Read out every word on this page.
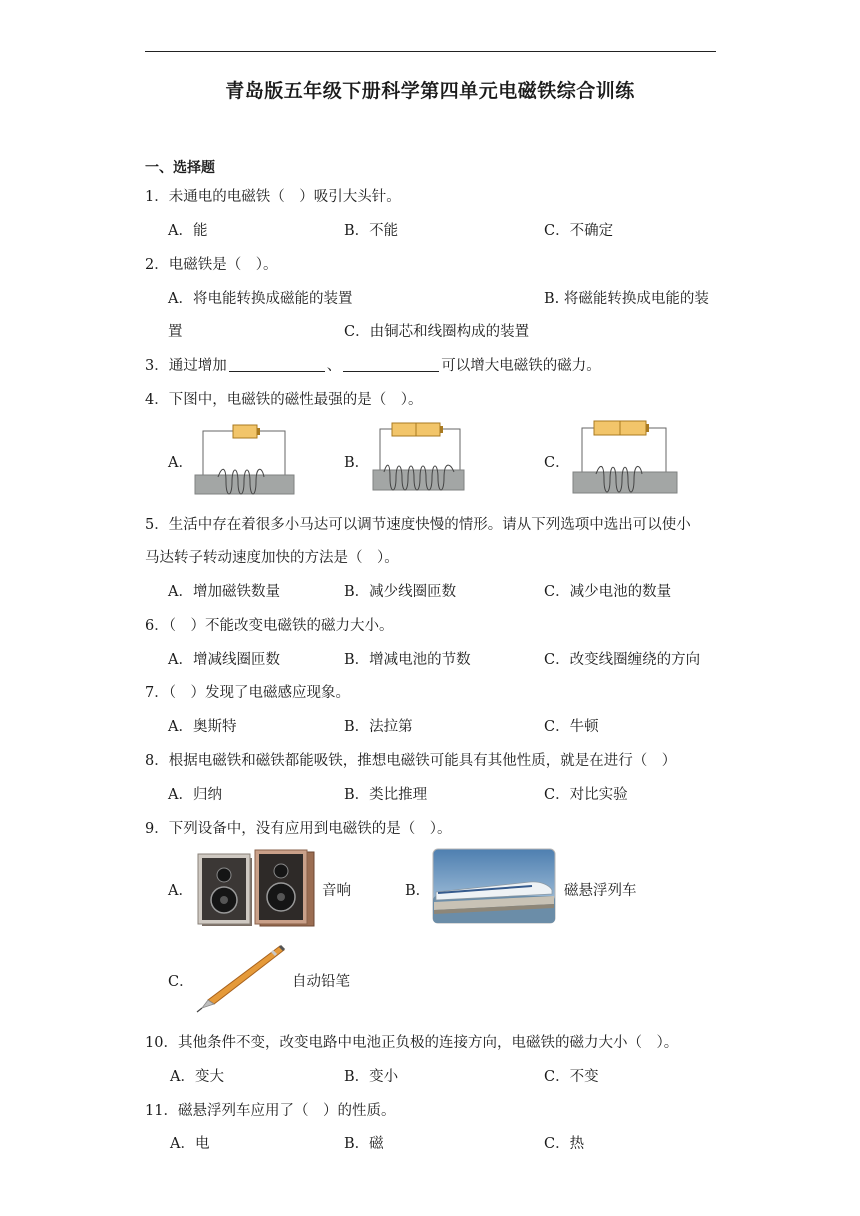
青岛版五年级下册科学第四单元电磁铁综合训练
一、选择题
1．未通电的电磁铁（　）吸引大头针。
A．能	B．不能	C．不确定
2．电磁铁是（　）。
A．将电能转换成磁能的装置	B. 将磁能转换成电能的装
置	C．由铜芯和线圈构成的装置
3．通过增加	、	可以增大电磁铁的磁力。
4．下图中，电磁铁的磁性最强的是（　）。
A．	B．	C．
5．生活中存在着很多小马达可以调节速度快慢的情形。请从下列选项中选出可以使小
马达转子转动速度加快的方法是（　）。
A．增加磁铁数量	B．减少线圈匝数	C．减少电池的数量
6．（　）不能改变电磁铁的磁力大小。
A．增减线圈匝数	B．增减电池的节数	C．改变线圈缠绕的方向
7．（　）发现了电磁感应现象。
A．奥斯特	B．法拉第	C．牛顿
8．根据电磁铁和磁铁都能吸铁，推想电磁铁可能具有其他性质，就是在进行（　）
A．归纳	B．类比推理	C．对比实验
9．下列设备中，没有应用到电磁铁的是（　）。
A．	音响	B．	磁悬浮列车
C．	自动铅笔
10．其他条件不变，改变电路中电池正负极的连接方向，电磁铁的磁力大小（　）。
A．变大	B．变小	C．不变
11．磁悬浮列车应用了（　）的性质。
A．电	B．磁	C．热
